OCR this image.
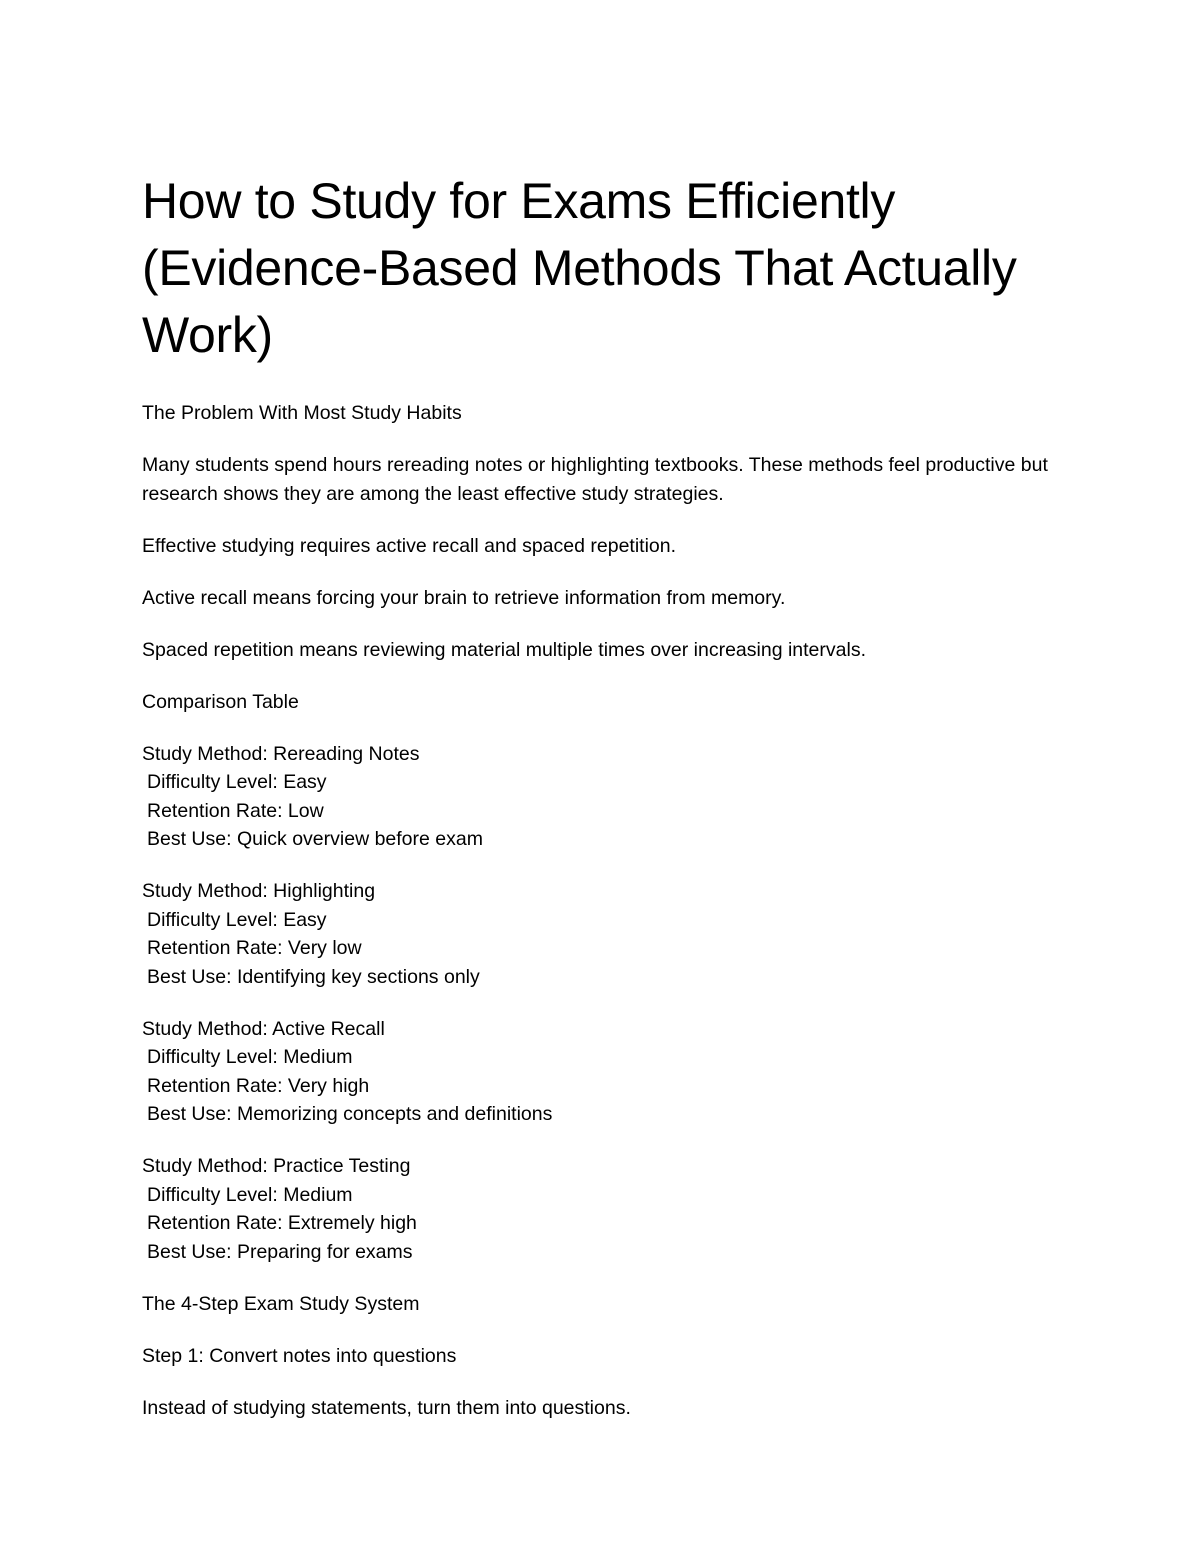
How to Study for Exams Efficiently (Evidence-Based Methods That Actually Work)

The Problem With Most Study Habits

Many students spend hours rereading notes or highlighting textbooks. These methods feel productive but research shows they are among the least effective study strategies.

Effective studying requires active recall and spaced repetition.

Active recall means forcing your brain to retrieve information from memory.

Spaced repetition means reviewing material multiple times over increasing intervals.

Comparison Table

Study Method: Rereading Notes
Difficulty Level: Easy
Retention Rate: Low
Best Use: Quick overview before exam
Study Method: Highlighting
Difficulty Level: Easy
Retention Rate: Very low
Best Use: Identifying key sections only
Study Method: Active Recall
Difficulty Level: Medium
Retention Rate: Very high
Best Use: Memorizing concepts and definitions
Study Method: Practice Testing
Difficulty Level: Medium
Retention Rate: Extremely high
Best Use: Preparing for exams

The 4-Step Exam Study System

Step 1: Convert notes into questions

Instead of studying statements, turn them into questions.
